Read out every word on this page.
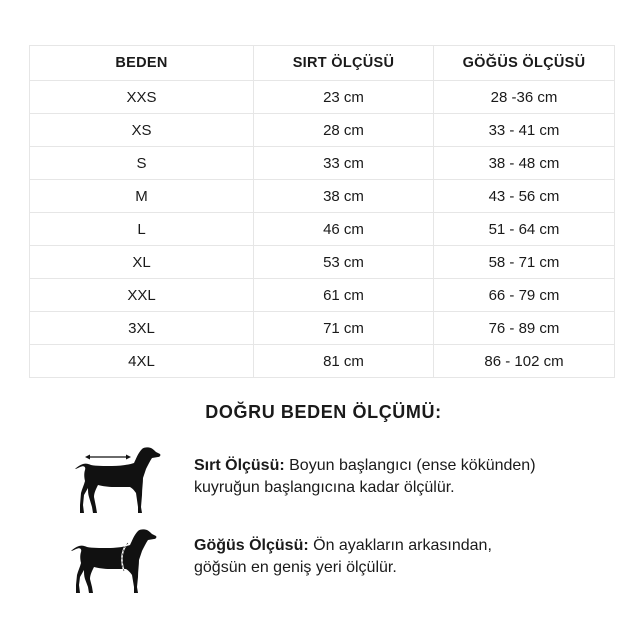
BEDEN	SIRT ÖLÇÜSÜ	GÖĞÜS ÖLÇÜSÜ
XXS	23 cm	28 -36 cm
XS	28 cm	33 - 41 cm
S	33 cm	38 - 48 cm
M	38 cm	43 - 56 cm
L	46 cm	51 - 64 cm
XL	53 cm	58 - 71 cm
XXL	61 cm	66 - 79 cm
3XL	71 cm	76 - 89 cm
4XL	81 cm	86 - 102 cm
DOĞRU BEDEN ÖLÇÜMÜ:
Sırt Ölçüsü: Boyun başlangıcı (ense kökünden)
kuyruğun başlangıcına kadar ölçülür.
Göğüs Ölçüsü: Ön ayakların arkasından,
göğsün en geniş yeri ölçülür.
